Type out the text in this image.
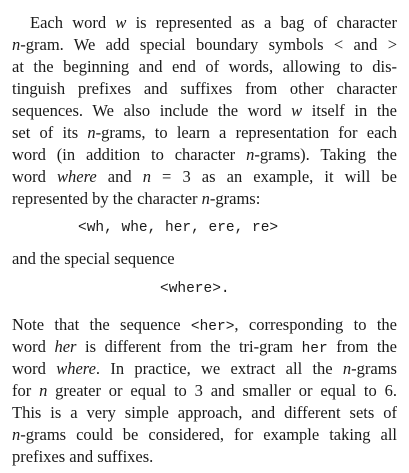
Each word w is represented as a bag of character
n-gram. We add special boundary symbols < and >
at the beginning and end of words, allowing to dis-
tinguish prefixes and suffixes from other character
sequences. We also include the word w itself in the
set of its n-grams, to learn a representation for each
word (in addition to character n-grams). Taking the
word where and n = 3 as an example, it will be
represented by the character n-grams:
<wh, whe, her, ere, re>
and the special sequence
<where>.
Note that the sequence <her>, corresponding to the
word her is different from the tri-gram her from the
word where. In practice, we extract all the n-grams
for n greater or equal to 3 and smaller or equal to 6.
This is a very simple approach, and different sets of
n-grams could be considered, for example taking all
prefixes and suffixes.
